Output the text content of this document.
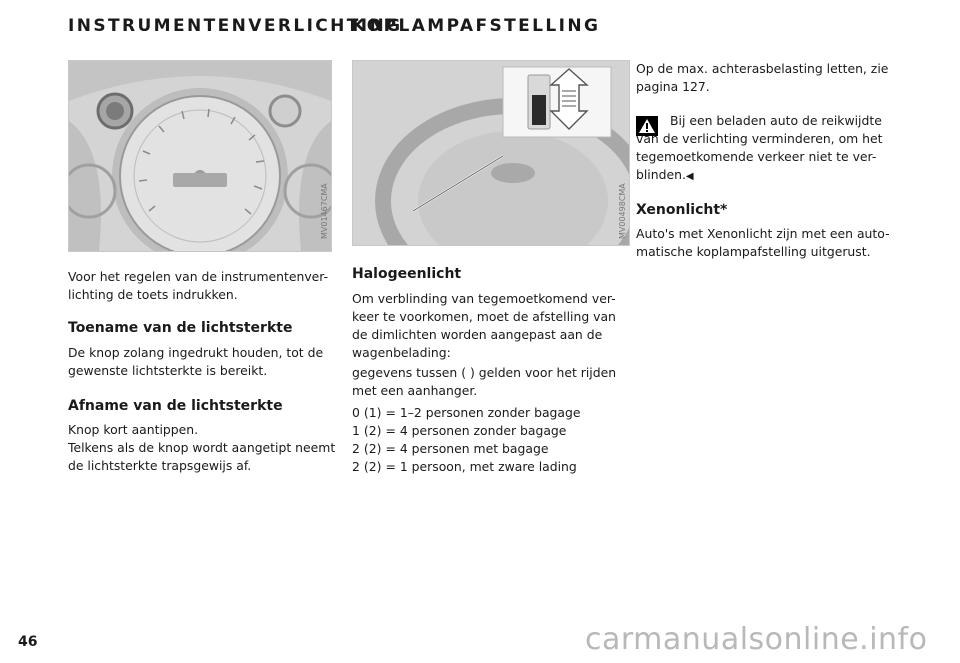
INSTRUMENTENVERLICHTING
KOPLAMPAFSTELLING
MV01467CMA	MV00498CMA
Voor het regelen van de instrumentenver-lichting de toets indrukken.
Toename van de lichtsterkte
De knop zolang ingedrukt houden, tot de gewenste lichtsterkte is bereikt.
Afname van de lichtsterkte
Knop kort aantippen.
Telkens als de knop wordt aangetipt neemt de lichtsterkte trapsgewijs af.
Halogeenlicht
Om verblinding van tegemoetkomend ver-keer te voorkomen, moet de afstelling van de dimlichten worden aangepast aan de wagenbelading:
gegevens tussen ( ) gelden voor het rijden met een aanhanger.
0	(1)	=	1–2 personen zonder bagage
1	(2)	=	4 personen zonder bagage
2	(2)	=	4 personen met bagage
2	(2)	=	1 persoon, met zware lading
Op de max. achterasbelasting letten, zie pagina 127.
Bij een beladen auto de reikwijdte van de verlichting verminderen, om het tegemoetkomende verkeer niet te ver-blinden.◀
Xenonlicht*
Auto's met Xenonlicht zijn met een auto-matische koplampafstelling uitgerust.
46	carmanualsonline.info
